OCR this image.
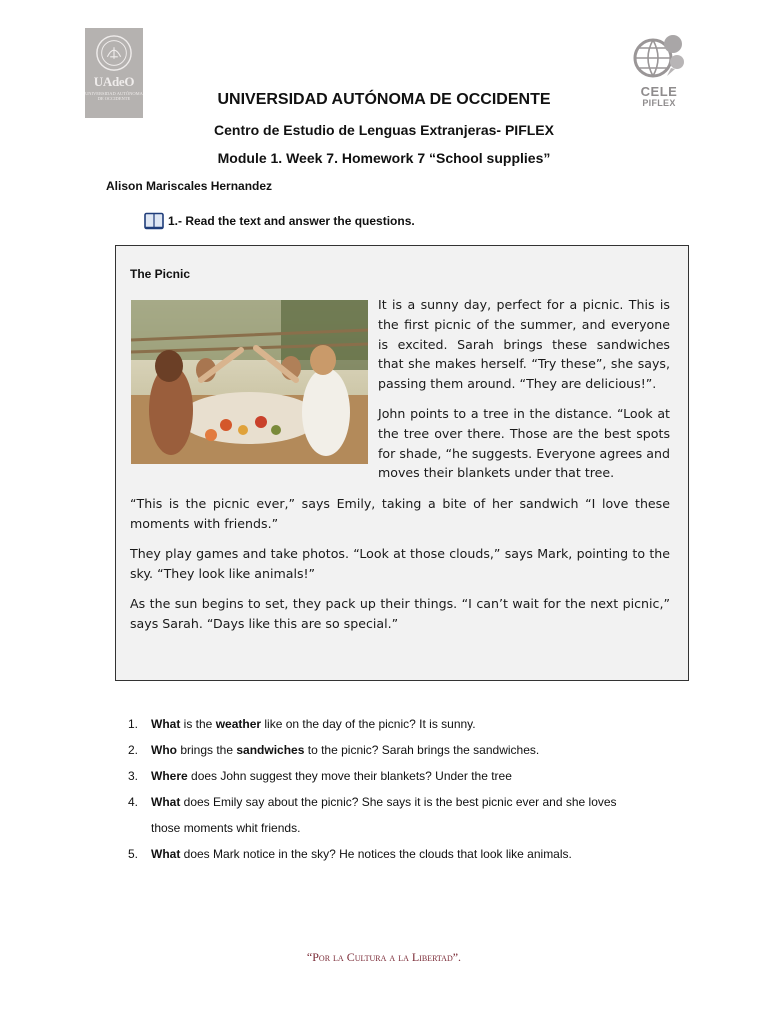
UAdeO
UNIVERSIDAD AUTÓNOMA DE OCCIDENTE	CELE
PIFLEX
UNIVERSIDAD AUTÓNOMA DE OCCIDENTE
Centro de Estudio de Lenguas Extranjeras- PIFLEX
Module 1. Week 7. Homework 7 “School supplies”
Alison Mariscales Hernandez
1.- Read the text and answer the questions.
The Picnic

It is a sunny day, perfect for a picnic. This is the first picnic of the summer, and everyone is excited. Sarah brings these sandwiches that she makes herself. “Try these”, she says, passing them around. “They are delicious!”.

John points to a tree in the distance. “Look at the tree over there. Those are the best spots for shade, “he suggests. Everyone agrees and moves their blankets under that tree.

“This is the picnic ever,” says Emily, taking a bite of her sandwich “I love these moments with friends.”

They play games and take photos. “Look at those clouds,” says Mark, pointing to the sky. “They look like animals!”

As the sun begins to set, they pack up their things. “I can’t wait for the next picnic,” says Sarah. “Days like this are so special.”

1.	What is the weather like on the day of the picnic? It is sunny.
2.	Who brings the sandwiches to the picnic? Sarah brings the sandwiches.
3.	Where does John suggest they move their blankets? Under the tree
4.	What does Emily say about the picnic? She says it is the best picnic ever and she loves those moments whit friends.
5.	What does Mark notice in the sky? He notices the clouds that look like animals.
“Por la Cultura a la Libertad”.
